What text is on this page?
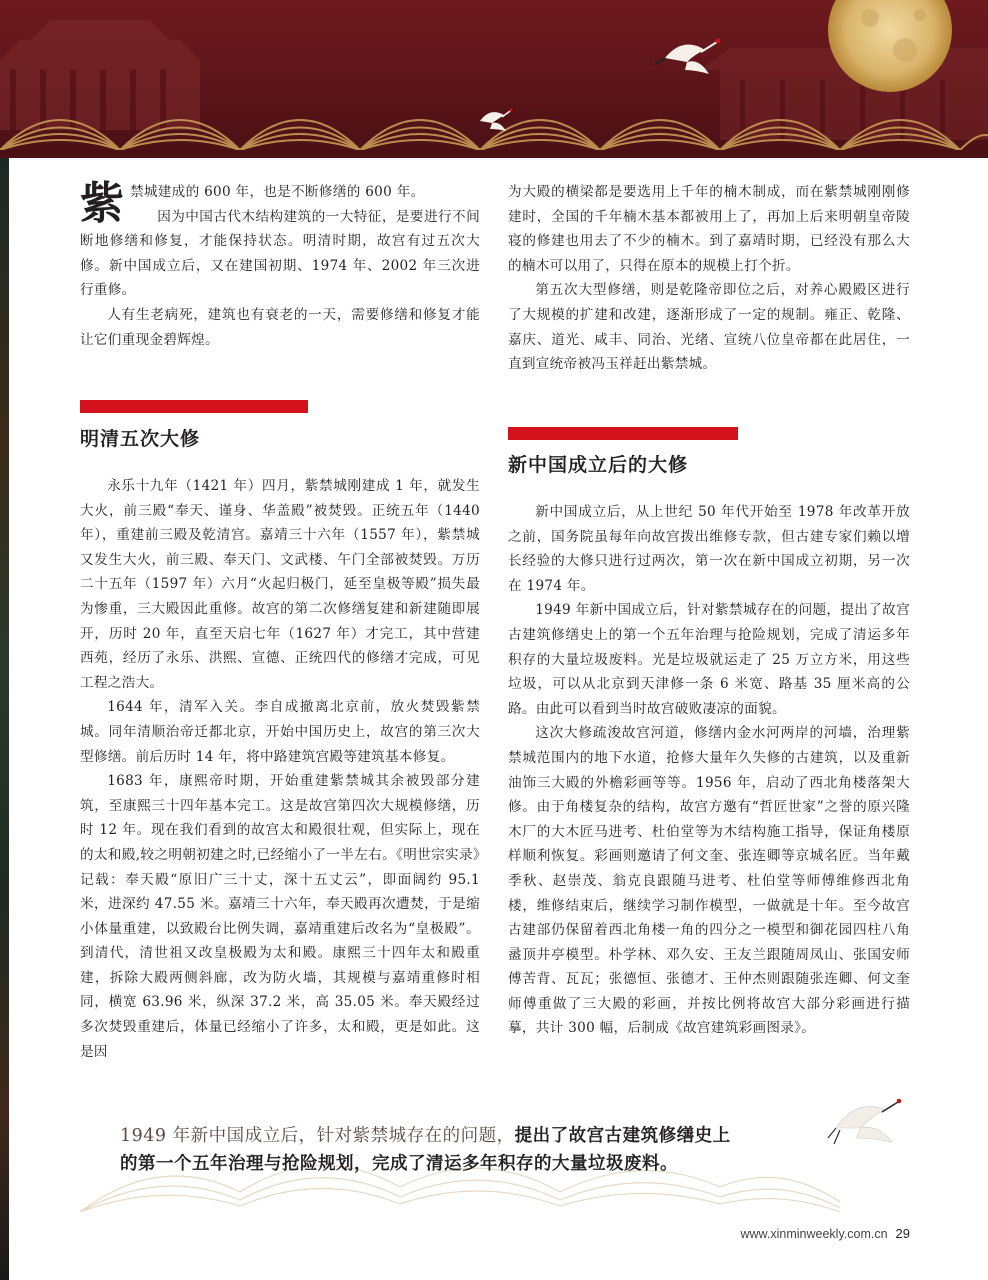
紫 禁城建成的 600 年，也是不断修缮的 600 年。

因为中国古代木结构建筑的一大特征，是要进行不间断地修缮和修复，才能保持状态。明清时期，故宫有过五次大修。新中国成立后，又在建国初期、1974 年、2002 年三次进行重修。

人有生老病死，建筑也有衰老的一天，需要修缮和修复才能让它们重现金碧辉煌。

明清五次大修

永乐十九年（1421 年）四月，紫禁城刚建成 1 年，就发生大火，前三殿“奉天、谨身、华盖殿”被焚毁。正统五年（1440 年），重建前三殿及乾清宫。嘉靖三十六年（1557 年），紫禁城又发生大火，前三殿、奉天门、文武楼、午门全部被焚毁。万历二十五年（1597 年）六月“火起归极门，延至皇极等殿”损失最为惨重，三大殿因此重修。故宫的第二次修缮复建和新建随即展开，历时 20 年，直至天启七年（1627 年）才完工，其中营建西苑，经历了永乐、洪熙、宣德、正统四代的修缮才完成，可见工程之浩大。

1644 年，清军入关。李自成撤离北京前，放火焚毁紫禁城。同年清顺治帝迁都北京，开始中国历史上，故宫的第三次大型修缮。前后历时 14 年，将中路建筑宫殿等建筑基本修复。

1683 年，康熙帝时期，开始重建紫禁城其余被毁部分建筑，至康熙三十四年基本完工。这是故宫第四次大规模修缮，历时 12 年。现在我们看到的故宫太和殿很壮观，但实际上，现在的太和殿,较之明朝初建之时,已经缩小了一半左右。《明世宗实录》记载：奉天殿“原旧广三十丈，深十五丈云”，即面阔约 95.1 米，进深约 47.55 米。嘉靖三十六年，奉天殿再次遭焚，于是缩小体量重建，以致殿台比例失调，嘉靖重建后改名为“皇极殿”。到清代，清世祖又改皇极殿为太和殿。康熙三十四年太和殿重建，拆除大殿两侧斜廊，改为防火墙，其规模与嘉靖重修时相同，横宽 63.96 米，纵深 37.2 米，高 35.05 米。奉天殿经过多次焚毁重建后，体量已经缩小了许多，太和殿，更是如此。这是因

为大殿的横梁都是要选用上千年的楠木制成，而在紫禁城刚刚修建时，全国的千年楠木基本都被用上了，再加上后来明朝皇帝陵寝的修建也用去了不少的楠木。到了嘉靖时期，已经没有那么大的楠木可以用了，只得在原本的规模上打个折。

第五次大型修缮，则是乾隆帝即位之后，对养心殿殿区进行了大规模的扩建和改建，逐渐形成了一定的规制。雍正、乾隆、嘉庆、道光、咸丰、同治、光绪、宣统八位皇帝都在此居住，一直到宣统帝被冯玉祥赶出紫禁城。

新中国成立后的大修

新中国成立后，从上世纪 50 年代开始至 1978 年改革开放之前，国务院虽每年向故宫拨出维修专款，但古建专家们赖以增长经验的大修只进行过两次，第一次在新中国成立初期，另一次在 1974 年。

1949 年新中国成立后，针对紫禁城存在的问题，提出了故宫古建筑修缮史上的第一个五年治理与抢险规划，完成了清运多年积存的大量垃圾废料。光是垃圾就运走了 25 万立方米，用这些垃圾，可以从北京到天津修一条 6 米宽、路基 35 厘米高的公路。由此可以看到当时故宫破败凄凉的面貌。

这次大修疏浚故宫河道，修缮内金水河两岸的河墙，治理紫禁城范围内的地下水道，抢修大量年久失修的古建筑，以及重新油饰三大殿的外檐彩画等等。1956 年，启动了西北角楼落架大修。由于角楼复杂的结构，故宫方邀有“哲匠世家”之誉的原兴隆木厂的大木匠马进考、杜伯堂等为木结构施工指导，保证角楼原样顺利恢复。彩画则邀请了何文奎、张连卿等京城名匠。当年戴季秋、赵崇茂、翁克良跟随马进考、杜伯堂等师傅维修西北角楼，维修结束后，继续学习制作模型，一做就是十年。至今故宫古建部仍保留着西北角楼一角的四分之一模型和御花园四柱八角盝顶井亭模型。朴学林、邓久安、王友兰跟随周凤山、张国安师傅苦背、瓦瓦；张德恒、张德才、王仲杰则跟随张连卿、何文奎师傅重做了三大殿的彩画，并按比例将故宫大部分彩画进行描摹，共计 300 幅，后制成《故宫建筑彩画图录》。

1949 年新中国成立后，针对紫禁城存在的问题，提出了故宫古建筑修缮史上
的第一个五年治理与抢险规划，完成了清运多年积存的大量垃圾废料。
www.xinminweekly.com.cn 29
